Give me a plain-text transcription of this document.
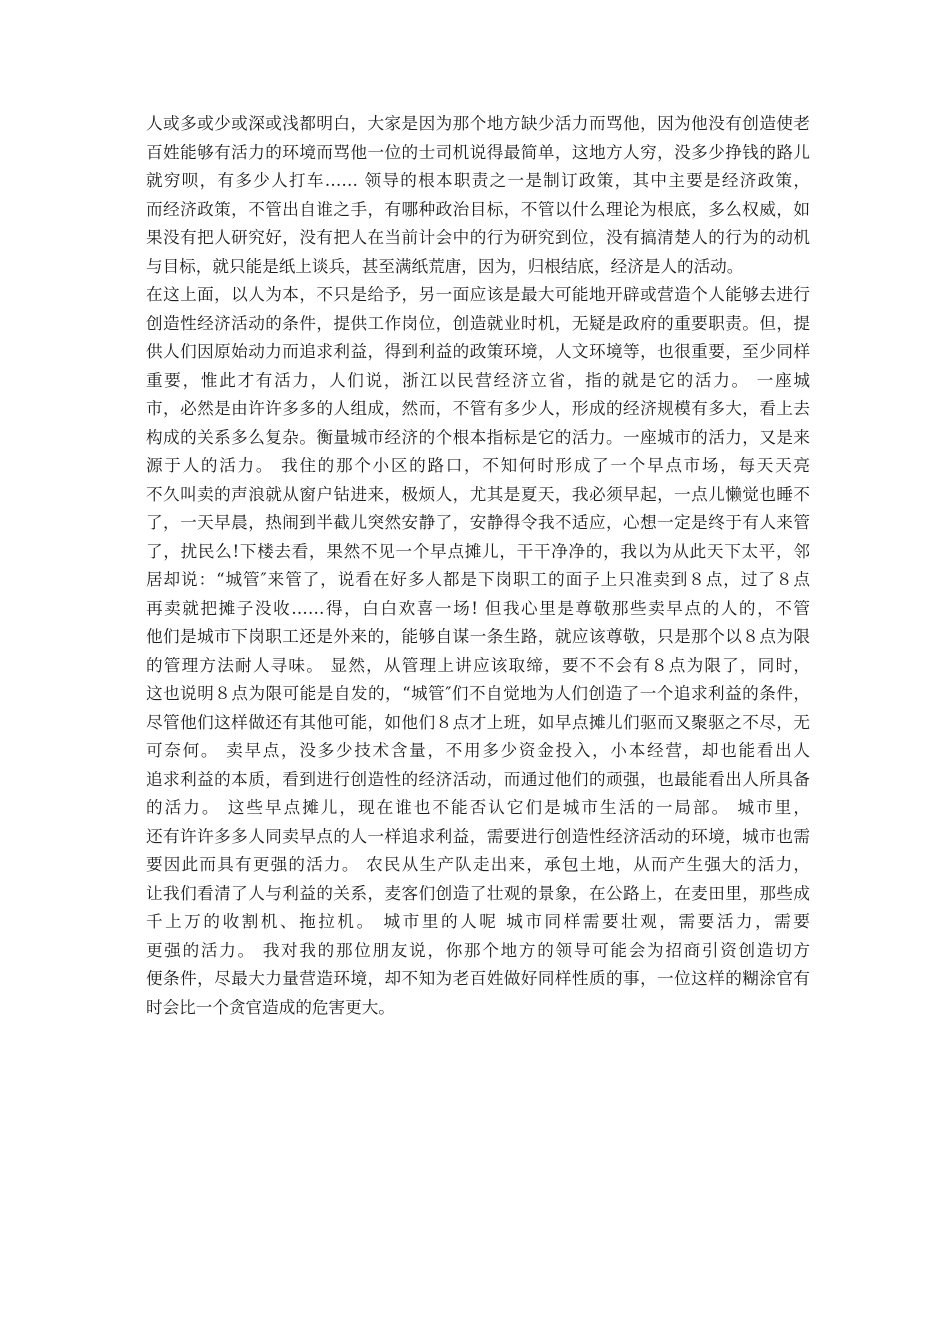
人或多或少或深或浅都明白，大家是因为那个地方缺少活力而骂他，因为他没有创造使老
百姓能够有活力的环境而骂他一位的士司机说得最简单，这地方人穷，没多少挣钱的路儿
就穷呗，有多少人打车…… 领导的根本职责之一是制订政策，其中主要是经济政策，
而经济政策，不管出自谁之手，有哪种政治目标，不管以什么理论为根底，多么权威，如
果没有把人研究好，没有把人在当前计会中的行为研究到位，没有搞清楚人的行为的动机
与目标，就只能是纸上谈兵，甚至满纸荒唐，因为，归根结底，经济是人的活动。
在这上面，以人为本，不只是给予，另一面应该是最大可能地开辟或营造个人能够去进行
创造性经济活动的条件，提供工作岗位，创造就业时机，无疑是政府的重要职责。但，提
供人们因原始动力而追求利益，得到利益的政策环境，人文环境等，也很重要，至少同样
重要，惟此才有活力，人们说，浙江以民营经济立省，指的就是它的活力。 一座城
市，必然是由许许多多的人组成，然而，不管有多少人，形成的经济规模有多大，看上去
构成的关系多么复杂。衡量城市经济的个根本指标是它的活力。一座城市的活力，又是来
源于人的活力。 我住的那个小区的路口，不知何时形成了一个早点市场，每天天亮
不久叫卖的声浪就从窗户钻进来，极烦人，尤其是夏天，我必须早起，一点儿懒觉也睡不
了，一天早晨，热闹到半截儿突然安静了，安静得令我不适应，心想一定是终于有人来管
了，扰民么!下楼去看，果然不见一个早点摊儿，干干净净的，我以为从此天下太平，邻
居却说：“城管″来管了，说看在好多人都是下岗职工的面子上只准卖到８点，过了８点
再卖就把摊子没收……得，白白欢喜一场! 但我心里是尊敬那些卖早点的人的，不管
他们是城市下岗职工还是外来的，能够自谋一条生路，就应该尊敬，只是那个以８点为限
的管理方法耐人寻味。 显然，从管理上讲应该取缔，要不不会有８点为限了，同时，
这也说明８点为限可能是自发的，“城管″们不自觉地为人们创造了一个追求利益的条件，
尽管他们这样做还有其他可能，如他们８点才上班，如早点摊儿们驱而又聚驱之不尽，无
可奈何。 卖早点，没多少技术含量，不用多少资金投入，小本经营，却也能看出人
追求利益的本质，看到进行创造性的经济活动，而通过他们的顽强，也最能看出人所具备
的活力。 这些早点摊儿，现在谁也不能否认它们是城市生活的一局部。 城市里，
还有许许多多人同卖早点的人一样追求利益，需要进行创造性经济活动的环境，城市也需
要因此而具有更强的活力。 农民从生产队走出来，承包土地，从而产生强大的活力，
让我们看清了人与利益的关系，麦客们创造了壮观的景象，在公路上，在麦田里，那些成
千上万的收割机、拖拉机。 城市里的人呢 城市同样需要壮观，需要活力，需要
更强的活力。 我对我的那位朋友说，你那个地方的领导可能会为招商引资创造切方
便条件，尽最大力量营造环境，却不知为老百姓做好同样性质的事，一位这样的糊涂官有
时会比一个贪官造成的危害更大。
